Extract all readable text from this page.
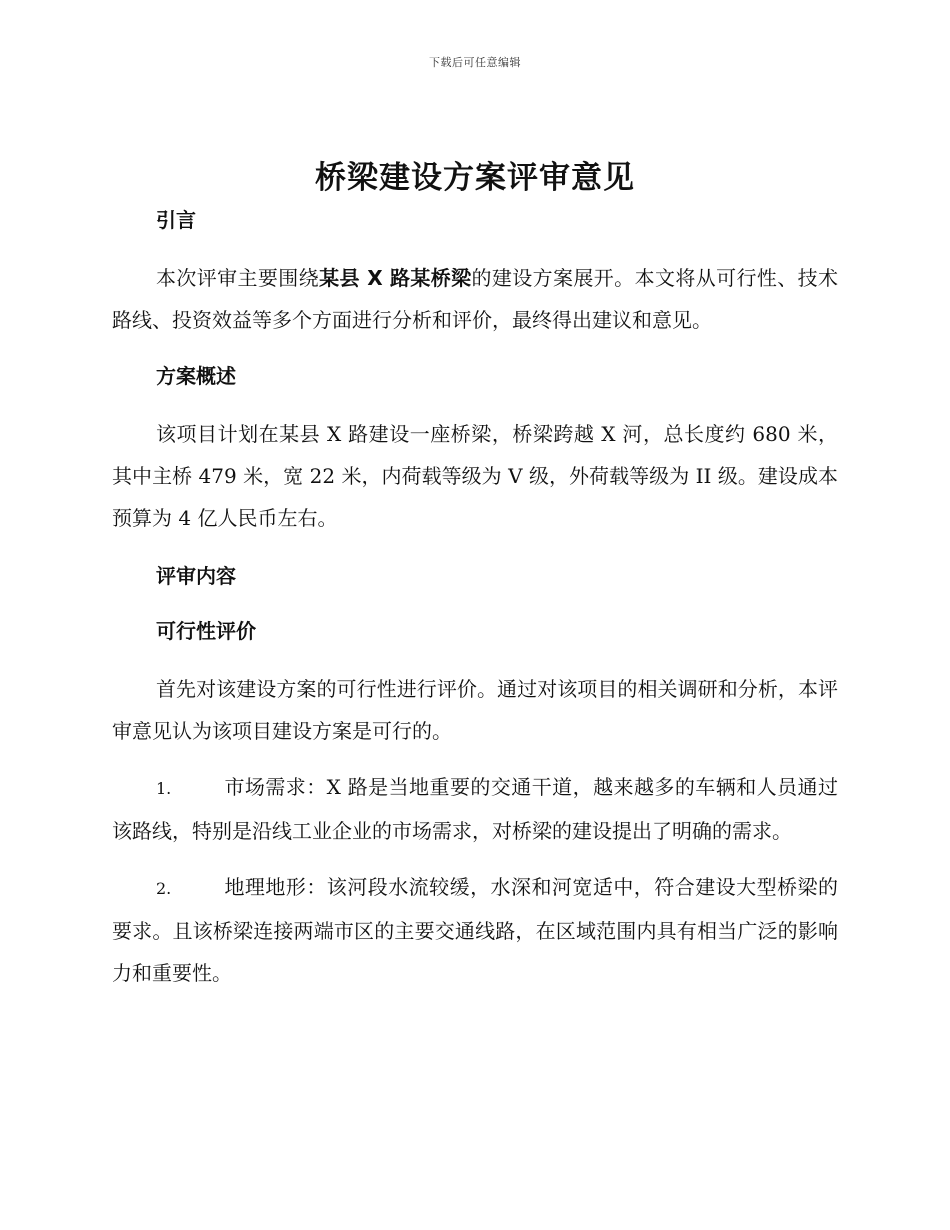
下载后可任意编辑
桥梁建设方案评审意见
引言

本次评审主要围绕某县 X 路某桥梁的建设方案展开。本文将从可行性、技术路线、投资效益等多个方面进行分析和评价，最终得出建议和意见。

方案概述

该项目计划在某县 X 路建设一座桥梁，桥梁跨越 X 河，总长度约 680 米，其中主桥 479 米，宽 22 米，内荷载等级为 V 级，外荷载等级为 II 级。建设成本预算为 4 亿人民币左右。

评审内容
可行性评价

首先对该建设方案的可行性进行评价。通过对该项目的相关调研和分析，本评审意见认为该项目建设方案是可行的。

1.	市场需求：X 路是当地重要的交通干道，越来越多的车辆和人员通过该路线，特别是沿线工业企业的市场需求，对桥梁的建设提出了明确的需求。

2.	地理地形：该河段水流较缓，水深和河宽适中，符合建设大型桥梁的要求。且该桥梁连接两端市区的主要交通线路，在区域范围内具有相当广泛的影响力和重要性。
